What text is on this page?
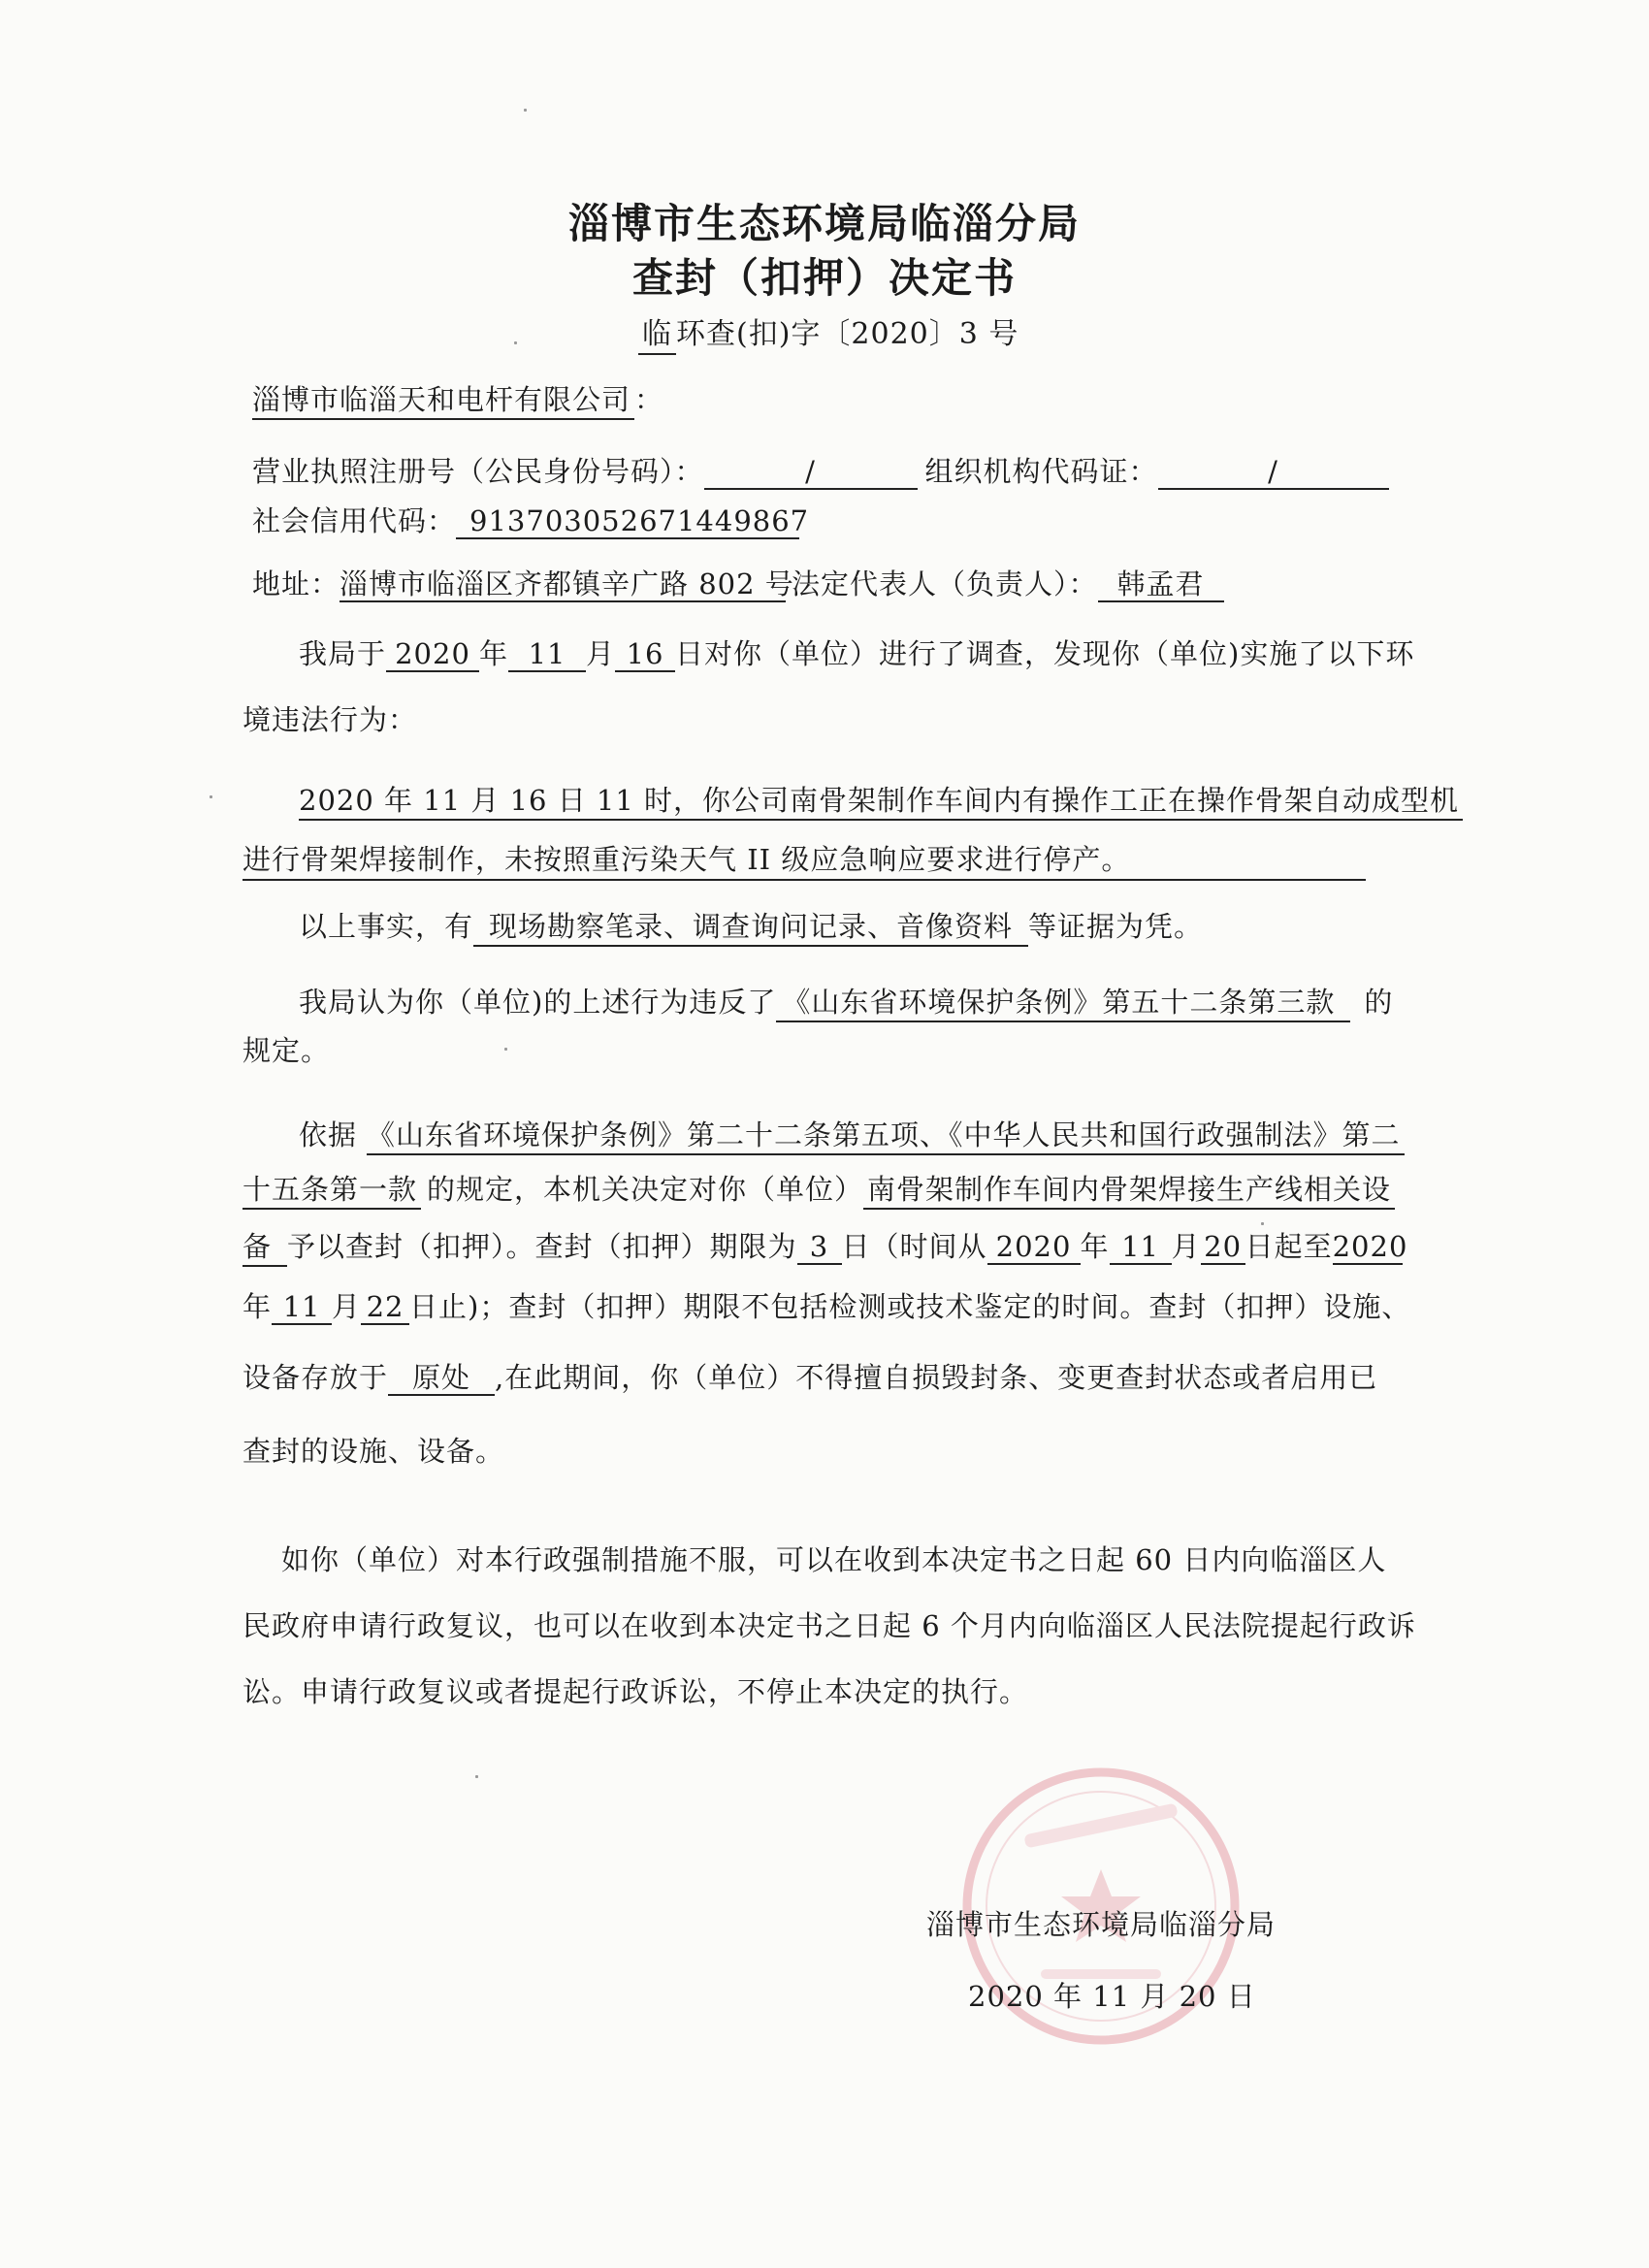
淄博市生态环境局临淄分局
查封（扣押）决定书
临 环查(扣)字〔2020〕3 号
淄博市临淄天和电杆有限公司 ：
营业执照注册号（公民身份号码）：	/	组织机构代码证：	/
社会信用代码： 913703052671449867
地址：淄博市临淄区齐都镇辛广路 802 号法定代表人（负责人）： 韩孟君
我局于 2020 年 11 月 16 日对你（单位）进行了调查，发现你（单位)实施了以下环
境违法行为：
2020 年 11 月 16 日 11 时，你公司南骨架制作车间内有操作工正在操作骨架自动成型机
进行骨架焊接制作，未按照重污染天气 II 级应急响应要求进行停产。
以上事实，有 现场勘察笔录、调查询问记录、音像资料 等证据为凭。
我局认为你（单位)的上述行为违反了 《山东省环境保护条例》第五十二条第三款 的
规定。
依据 《山东省环境保护条例》第二十二条第五项、《中华人民共和国行政强制法》第二
十五条第一款 的规定，本机关决定对你（单位） 南骨架制作车间内骨架焊接生产线相关设
备 予以查封（扣押）。查封（扣押）期限为 3 日（时间从 2020 年 11 月 20 日起至2020
年 11 月 22 日止)；查封（扣押）期限不包括检测或技术鉴定的时间。查封（扣押）设施、
设备存放于 原处 ,在此期间，你（单位）不得擅自损毁封条、变更查封状态或者启用已
查封的设施、设备。
如你（单位）对本行政强制措施不服，可以在收到本决定书之日起 60 日内向临淄区人
民政府申请行政复议，也可以在收到本决定书之日起 6 个月内向临淄区人民法院提起行政诉
讼。申请行政复议或者提起行政诉讼，不停止本决定的执行。
淄博市生态环境局临淄分局
2020 年 11 月 20 日
